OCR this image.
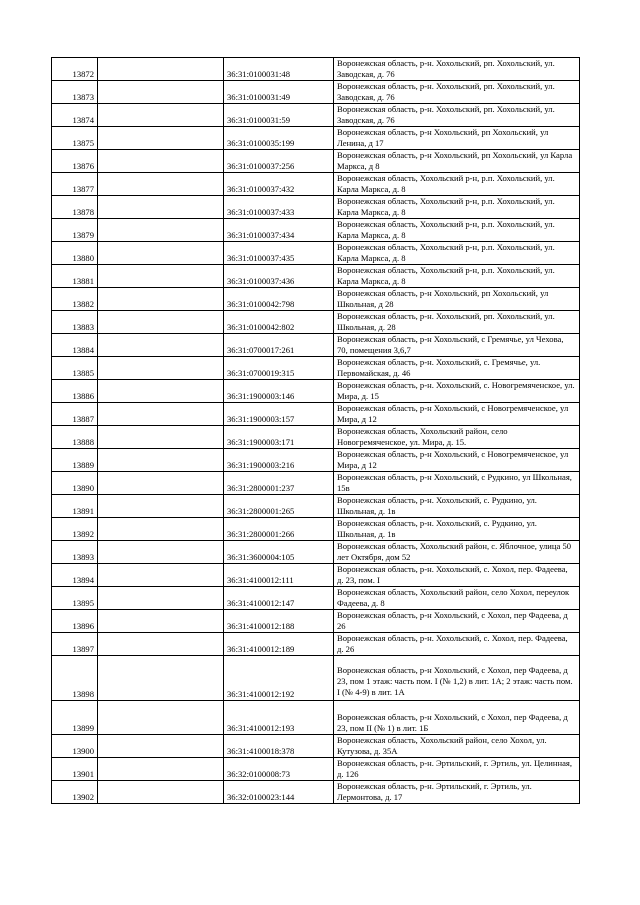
13872		36:31:0100031:48	Воронежская область, р-н. Хохольский, рп. Хохольский, ул. Заводская, д. 76
13873		36:31:0100031:49	Воронежская область, р-н. Хохольский, рп. Хохольский, ул. Заводская, д. 76
13874		36:31:0100031:59	Воронежская область, р-н. Хохольский, рп. Хохольский, ул. Заводская, д. 76
13875		36:31:0100035:199	Воронежская область, р-н Хохольский, рп Хохольский, ул Ленина, д 17
13876		36:31:0100037:256	Воронежская область, р-н Хохольский, рп Хохольский, ул Карла Маркса, д 8
13877		36:31:0100037:432	Воронежская область, Хохольский р-н, р.п. Хохольский, ул. Карла Маркса, д. 8
13878		36:31:0100037:433	Воронежская область, Хохольский р-н, р.п. Хохольский, ул. Карла Маркса, д. 8
13879		36:31:0100037:434	Воронежская область, Хохольский р-н, р.п. Хохольский, ул. Карла Маркса, д. 8
13880		36:31:0100037:435	Воронежская область, Хохольский р-н, р.п. Хохольский, ул. Карла Маркса, д. 8
13881		36:31:0100037:436	Воронежская область, Хохольский р-н, р.п. Хохольский, ул. Карла Маркса, д. 8
13882		36:31:0100042:798	Воронежская область, р-н Хохольский, рп Хохольский, ул Школьная, д 28
13883		36:31:0100042:802	Воронежская область, р-н. Хохольский, рп. Хохольский, ул. Школьная, д. 28
13884		36:31:0700017:261	Воронежская область, р-н Хохольский, с Гремячье, ул Чехова, 70, помещения 3,6,7
13885		36:31:0700019:315	Воронежская область, р-н. Хохольский, с. Гремячье, ул. Первомайская, д. 46
13886		36:31:1900003:146	Воронежская область, р-н. Хохольский, с. Новогремяченское, ул. Мира, д. 15
13887		36:31:1900003:157	Воронежская область, р-н Хохольский, с Новогремяченское, ул Мира, д 12
13888		36:31:1900003:171	Воронежская область, Хохольский район, село Новогремяченское, ул. Мира, д. 15.
13889		36:31:1900003:216	Воронежская область, р-н Хохольский, с Новогремяченское, ул Мира, д 12
13890		36:31:2800001:237	Воронежская область, р-н Хохольский, с Рудкино, ул Школьная, 15в
13891		36:31:2800001:265	Воронежская область, р-н. Хохольский, с. Рудкино, ул. Школьная, д. 1в
13892		36:31:2800001:266	Воронежская область, р-н. Хохольский, с. Рудкино, ул. Школьная, д. 1в
13893		36:31:3600004:105	Воронежская область, Хохольский район, с. Яблочное, улица 50 лет Октября, дом 52
13894		36:31:4100012:111	Воронежская область, р-н. Хохольский, с. Хохол, пер. Фадеева, д. 23, пом. I
13895		36:31:4100012:147	Воронежская область, Хохольский район, село Хохол, переулок Фадеева, д. 8
13896		36:31:4100012:188	Воронежская область, р-н Хохольский, с Хохол, пер Фадеева, д 26
13897		36:31:4100012:189	Воронежская область, р-н. Хохольский, с. Хохол, пер. Фадеева, д. 26
13898		36:31:4100012:192	Воронежская область, р-н Хохольский, с Хохол, пер Фадеева, д 23, пом 1 этаж: часть пом. I (№ 1,2) в лит. 1А; 2 этаж: часть пом. I (№ 4-9) в лит. 1А
13899		36:31:4100012:193	Воронежская область, р-н Хохольский, с Хохол, пер Фадеева, д 23, пом II (№ 1) в лит. 1Б
13900		36:31:4100018:378	Воронежская область, Хохольский район, село Хохол, ул. Кутузова, д. 35А
13901		36:32:0100008:73	Воронежская область, р-н. Эртильский, г. Эртиль, ул. Целинная, д. 126
13902		36:32:0100023:144	Воронежская область, р-н. Эртильский, г. Эртиль, ул. Лермонтова, д. 17
